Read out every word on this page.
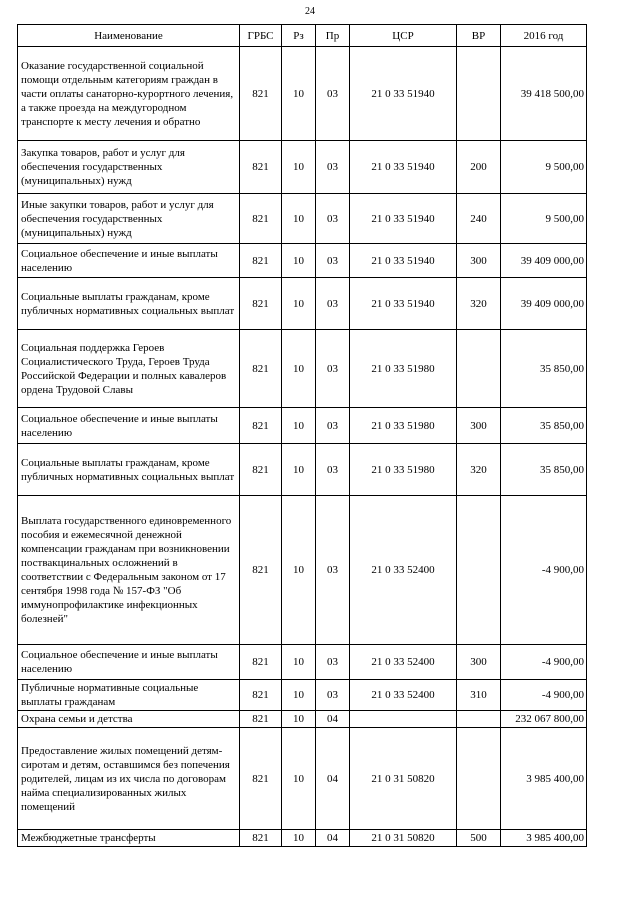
24
Наименование	ГРБС	Рз	Пр	ЦСР	ВР	2016 год
Оказание государственной социальной помощи отдельным категориям граждан в части оплаты санаторно-курортного лечения, а также проезда на междугородном транспорте к месту лечения и обратно	821	10	03	21 0 33 51940		39 418 500,00
Закупка товаров, работ и услуг для обеспечения государственных (муниципальных) нужд	821	10	03	21 0 33 51940	200	9 500,00
Иные закупки товаров, работ и услуг для обеспечения государственных (муниципальных) нужд	821	10	03	21 0 33 51940	240	9 500,00
Социальное обеспечение и иные выплаты населению	821	10	03	21 0 33 51940	300	39 409 000,00
Социальные выплаты гражданам, кроме публичных нормативных социальных выплат	821	10	03	21 0 33 51940	320	39 409 000,00
Социальная поддержка Героев Социалистического Труда, Героев Труда Российской Федерации и полных кавалеров ордена Трудовой Славы	821	10	03	21 0 33 51980		35 850,00
Социальное обеспечение и иные выплаты населению	821	10	03	21 0 33 51980	300	35 850,00
Социальные выплаты гражданам, кроме публичных нормативных социальных выплат	821	10	03	21 0 33 51980	320	35 850,00
Выплата государственного единовременного пособия и ежемесячной денежной компенсации гражданам при возникновении поствакцинальных осложнений в соответствии с Федеральным законом от 17 сентября 1998 года № 157-ФЗ "Об иммунопрофилактике инфекционных болезней"	821	10	03	21 0 33 52400		-4 900,00
Социальное обеспечение и иные выплаты населению	821	10	03	21 0 33 52400	300	-4 900,00
Публичные нормативные социальные выплаты гражданам	821	10	03	21 0 33 52400	310	-4 900,00
Охрана семьи и детства	821	10	04			232 067 800,00
Предоставление жилых помещений детям-сиротам и детям, оставшимся без попечения родителей, лицам из их числа по договорам найма специализированных жилых помещений	821	10	04	21 0 31 50820		3 985 400,00
Межбюджетные трансферты	821	10	04	21 0 31 50820	500	3 985 400,00
